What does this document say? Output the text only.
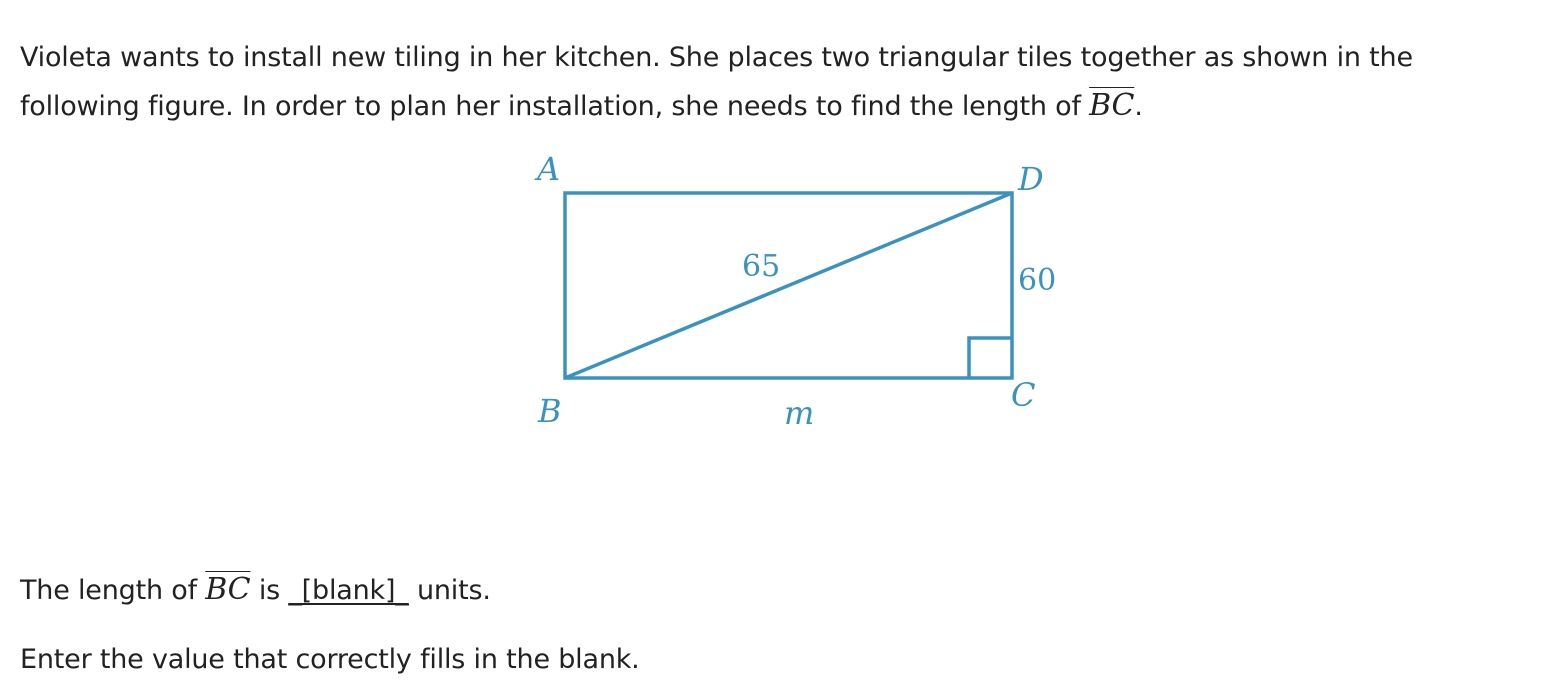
Violeta wants to install new tiling in her kitchen. She places two triangular tiles together as shown in the following figure. In order to plan her installation, she needs to find the length of $\overline{BC}$.
A	D
B	C
65	60
m
The length of $\overline{BC}$ is _[blank]_ units.
Enter the value that correctly fills in the blank.
